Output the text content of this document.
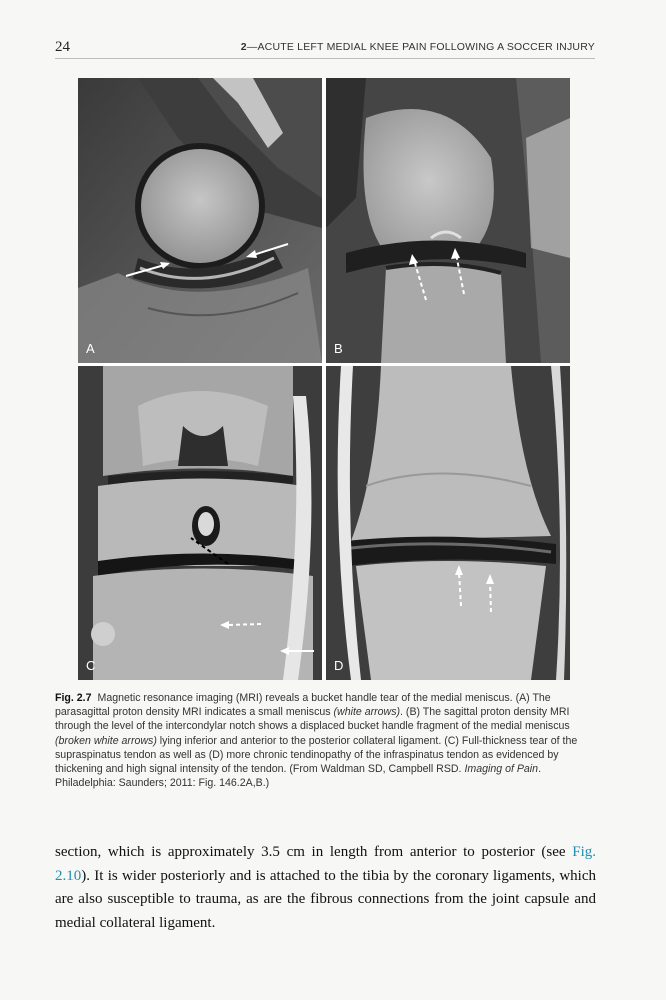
24	2—ACUTE LEFT MEDIAL KNEE PAIN FOLLOWING A SOCCER INJURY
A	B
C	D
Fig. 2.7 Magnetic resonance imaging (MRI) reveals a bucket handle tear of the medial meniscus. (A) The parasagittal proton density MRI indicates a small meniscus (white arrows). (B) The sagittal proton density MRI through the level of the intercondylar notch shows a displaced bucket handle fragment of the medial meniscus (broken white arrows) lying inferior and anterior to the posterior collateral ligament. (C) Full-thickness tear of the supraspinatus tendon as well as (D) more chronic tendinopathy of the infraspinatus tendon as evidenced by thickening and high signal intensity of the tendon. (From Waldman SD, Campbell RSD. Imaging of Pain. Philadelphia: Saunders; 2011: Fig. 146.2A,B.)
section, which is approximately 3.5 cm in length from anterior to posterior (see Fig. 2.10). It is wider posteriorly and is attached to the tibia by the coronary ligaments, which are also susceptible to trauma, as are the fibrous connections from the joint capsule and medial collateral ligament.
